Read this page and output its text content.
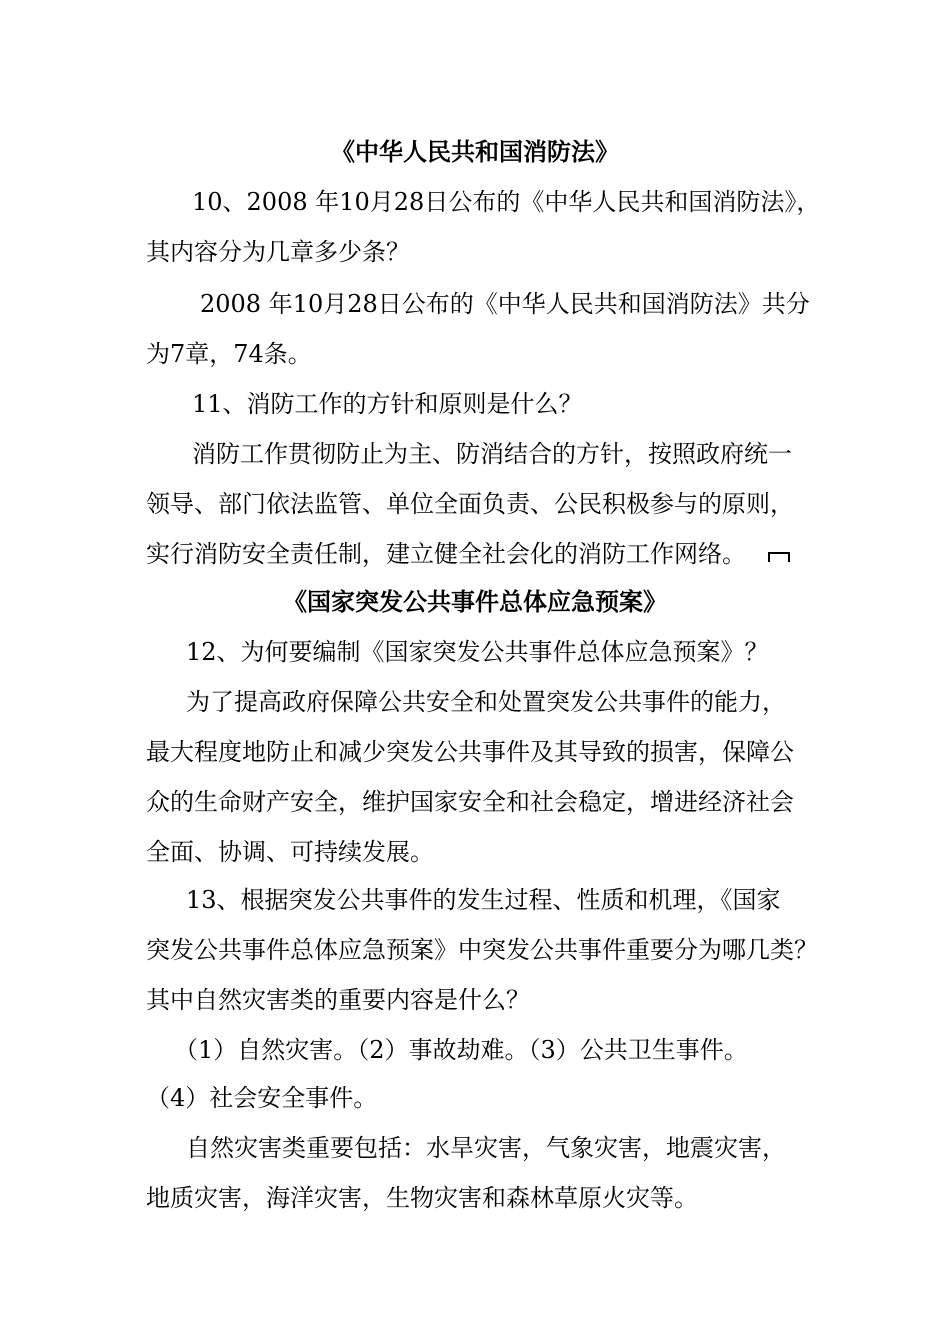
《中华人民共和国消防法》
10、2008 年10月28日公布的《中华人民共和国消防法》，
其内容分为几章多少条？
2008 年10月28日公布的《中华人民共和国消防法》共分
为7章，74条。
11、消防工作的方针和原则是什么？
消防工作贯彻防止为主、防消结合的方针，按照政府统一
领导、部门依法监管、单位全面负责、公民积极参与的原则，
实行消防安全责任制，建立健全社会化的消防工作网络。
《国家突发公共事件总体应急预案》
12、为何要编制《国家突发公共事件总体应急预案》？
为了提高政府保障公共安全和处置突发公共事件的能力，
最大程度地防止和减少突发公共事件及其导致的损害，保障公
众的生命财产安全，维护国家安全和社会稳定，增进经济社会
全面、协调、可持续发展。
13、根据突发公共事件的发生过程、性质和机理，《国家
突发公共事件总体应急预案》中突发公共事件重要分为哪几类？
其中自然灾害类的重要内容是什么？
（1）自然灾害。（2）事故劫难。（3）公共卫生事件。
（4）社会安全事件。
自然灾害类重要包括：水旱灾害，气象灾害，地震灾害，
地质灾害，海洋灾害，生物灾害和森林草原火灾等。
